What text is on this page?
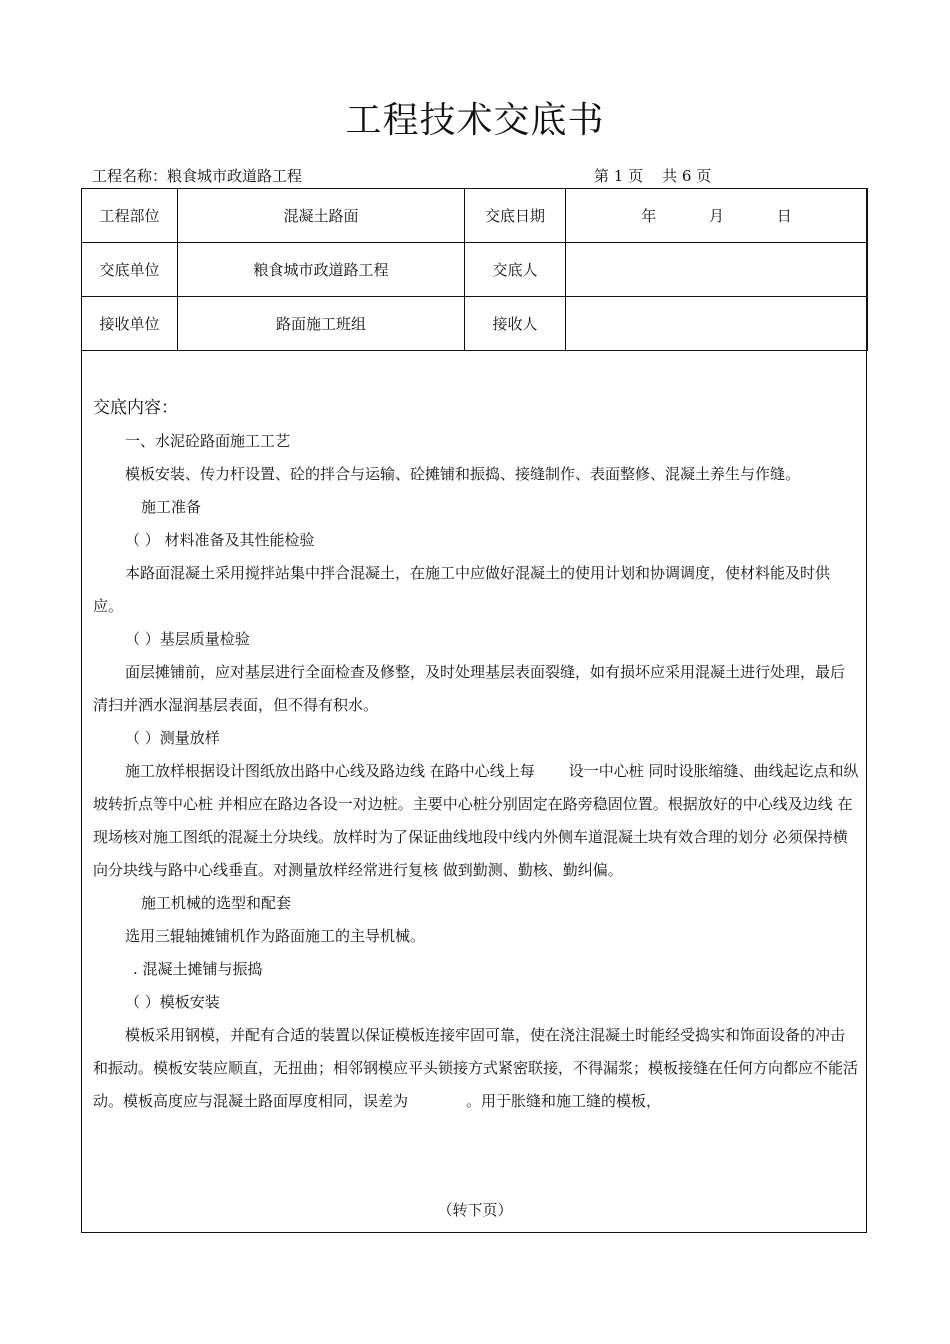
工程技术交底书
工程名称：粮食城市政道路工程	第 1 页    共 6 页
工程部位	混凝土路面	交底日期	年 月 日
交底单位	粮食城市政道路工程	交底人	
接收单位	路面施工班组	接收人	

交底内容：

一、水泥砼路面施工工艺

模板安装、传力杆设置、砼的拌合与运输、砼摊铺和振捣、接缝制作、表面整修、混凝土养生与作缝。

施工准备

（ ） 材料准备及其性能检验

本路面混凝土采用搅拌站集中拌合混凝土，在施工中应做好混凝土的使用计划和协调调度，使材料能及时供应。

（ ）基层质量检验

面层摊铺前，应对基层进行全面检查及修整，及时处理基层表面裂缝，如有损坏应采用混凝土进行处理，最后清扫并洒水湿润基层表面，但不得有积水。

（ ）测量放样

施工放样根据设计图纸放出路中心线及路边线 在路中心线上每 设一中心桩 同时设胀缩缝、曲线起讫点和纵坡转折点等中心桩 并相应在路边各设一对边桩。主要中心桩分别固定在路旁稳固位置。根据放好的中心线及边线 在现场核对施工图纸的混凝土分块线。放样时为了保证曲线地段中线内外侧车道混凝土块有效合理的划分 必须保持横向分块线与路中心线垂直。对测量放样经常进行复核 做到勤测、勤核、勤纠偏。

施工机械的选型和配套

选用三辊轴摊铺机作为路面施工的主导机械。

. 混凝土摊铺与振捣

（ ）模板安装

模板采用钢模，并配有合适的装置以保证模板连接牢固可靠，使在浇注混凝土时能经受捣实和饰面设备的冲击和振动。模板安装应顺直，无扭曲；相邻钢模应平头锁接方式紧密联接，不得漏浆；模板接缝在任何方向都应不能活动。模板高度应与混凝土路面厚度相同，误差为	。用于胀缝和施工缝的模板，

（转下页）
